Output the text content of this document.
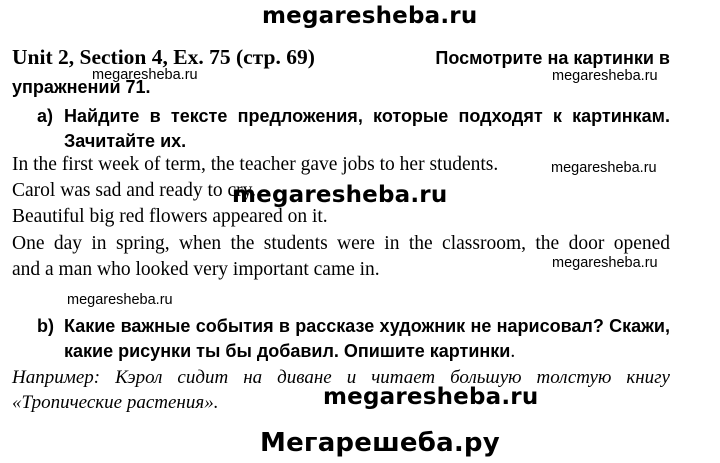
megaresheba.ru
Unit 2, Section 4, Ex. 75 (стр. 69)	Посмотрите на картинки в
megaresheba.ru	megaresheba.ru
упражнении 71.
a) Найдите в тексте предложения, которые подходят к картинкам.
Зачитайте их.
In the first week of term, the teacher gave jobs to her students.	megaresheba.ru
Carol was sad and ready to cry.
megaresheba.ru
Beautiful big red flowers appeared on it.
One day in spring, when the students were in the classroom, the door opened
megaresheba.ru
and a man who looked very important came in.
megaresheba.ru
b) Какие важные события в рассказе художник не нарисовал? Скажи,
какие рисунки ты бы добавил. Опишите картинки.
Например: Кэрол сидит на диване и читает большую толстую книгу
«Тропические растения».	megaresheba.ru
Мегарешеба.ру
